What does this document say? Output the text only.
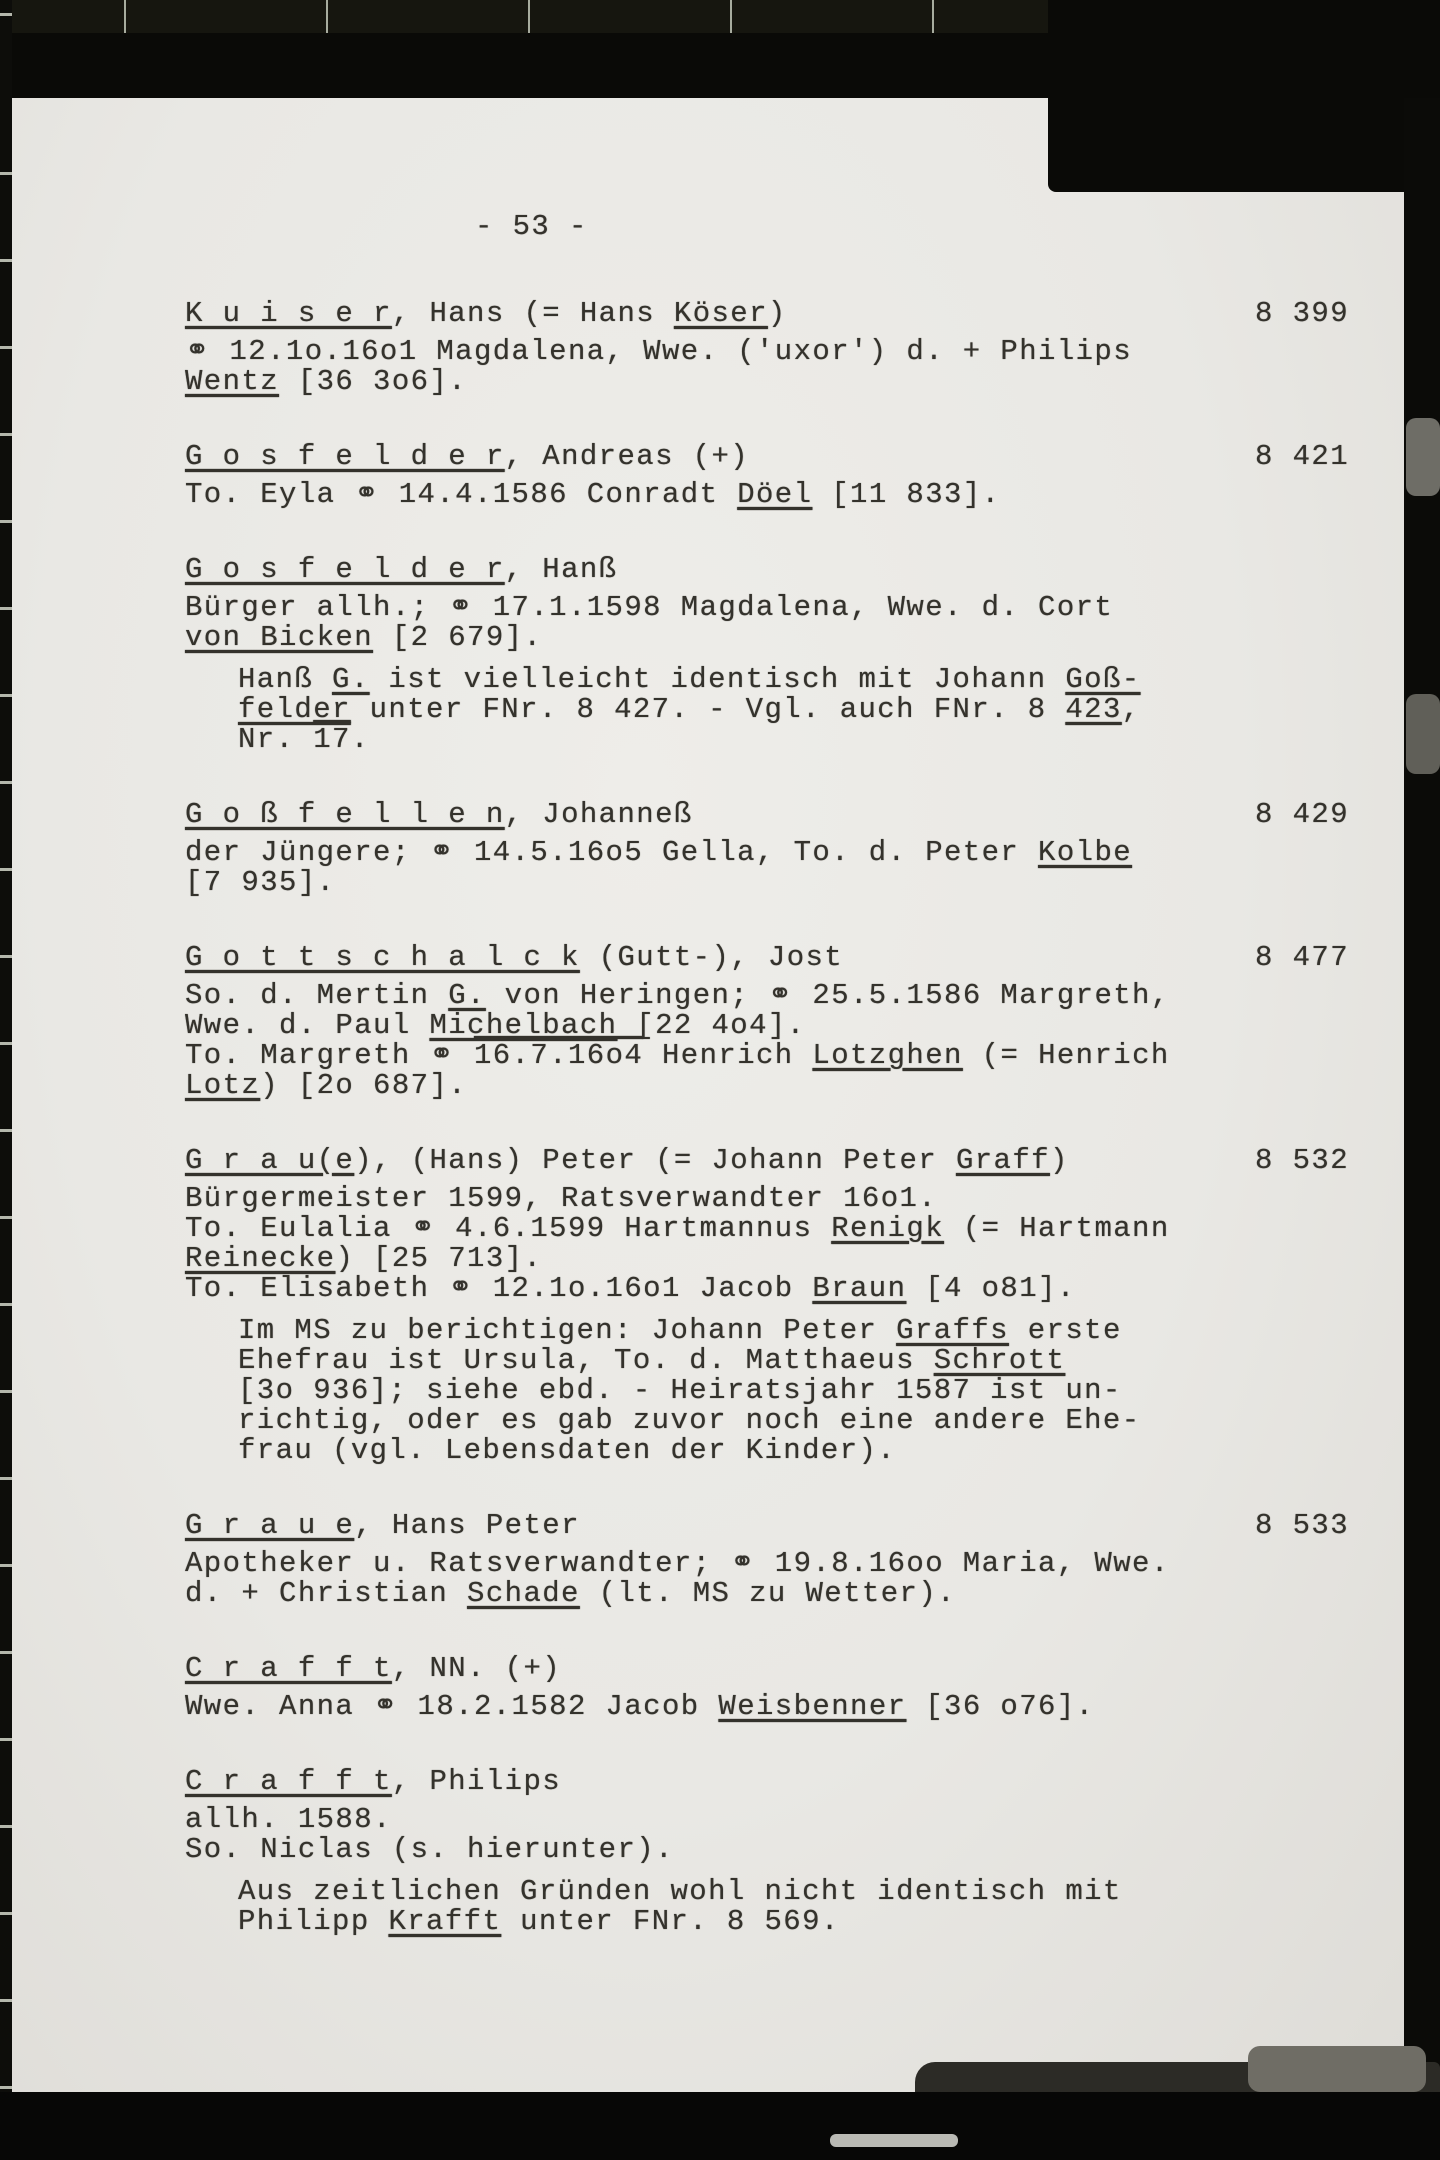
- 53 -
K u i s e r, Hans (= Hans Köser)	8 399
⚭ 12.1o.16o1 Magdalena, Wwe. ('uxor') d. + Philips
Wentz [36 3o6].
G o s f e l d e r, Andreas (+)	8 421
To. Eyla ⚭ 14.4.1586 Conradt Döel [11 833].
G o s f e l d e r, Hanß
Bürger allh.; ⚭ 17.1.1598 Magdalena, Wwe. d. Cort
von Bicken [2 679].
Hanß G. ist vielleicht identisch mit Johann Goß-
felder unter FNr. 8 427. - Vgl. auch FNr. 8 423,
Nr. 17.
G o ß f e l l e n, Johanneß	8 429
der Jüngere; ⚭ 14.5.16o5 Gella, To. d. Peter Kolbe
[7 935].
G o t t s c h a l c k (Gutt-), Jost	8 477
So. d. Mertin G. von Heringen; ⚭ 25.5.1586 Margreth,
Wwe. d. Paul Michelbach [22 4o4].
To. Margreth ⚭ 16.7.16o4 Henrich Lotzghen (= Henrich
Lotz) [2o 687].
G r a u(e), (Hans) Peter (= Johann Peter Graff)	8 532
Bürgermeister 1599, Ratsverwandter 16o1.
To. Eulalia ⚭ 4.6.1599 Hartmannus Renigk (= Hartmann
Reinecke) [25 713].
To. Elisabeth ⚭ 12.1o.16o1 Jacob Braun [4 o81].
Im MS zu berichtigen: Johann Peter Graffs erste
Ehefrau ist Ursula, To. d. Matthaeus Schrott
[3o 936]; siehe ebd. - Heiratsjahr 1587 ist un-
richtig, oder es gab zuvor noch eine andere Ehe-
frau (vgl. Lebensdaten der Kinder).
G r a u e, Hans Peter	8 533
Apotheker u. Ratsverwandter; ⚭ 19.8.16oo Maria, Wwe.
d. + Christian Schade (lt. MS zu Wetter).
C r a f f t, NN. (+)
Wwe. Anna ⚭ 18.2.1582 Jacob Weisbenner [36 o76].
C r a f f t, Philips
allh. 1588.
So. Niclas (s. hierunter).
Aus zeitlichen Gründen wohl nicht identisch mit
Philipp Krafft unter FNr. 8 569.
